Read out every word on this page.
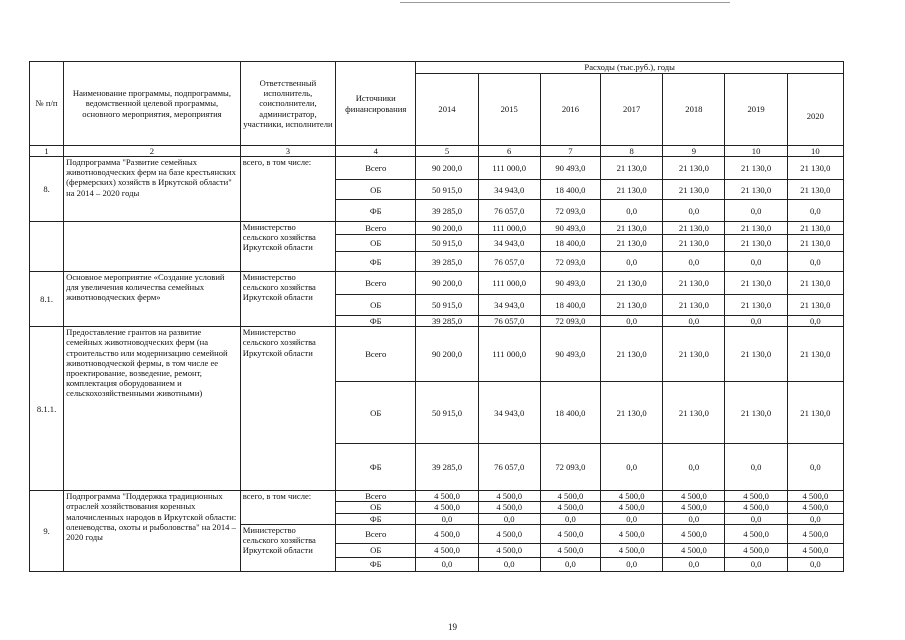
№ п/п	Наименование программы, подпрограммы, ведомственной целевой программы, основного мероприятия, мероприятия	Ответственный исполнитель, соисполнители, администратор, участники, исполнители	Источники финансирования	Расходы (тыс.руб.), годы						
				2014	2015	2016	2017	2018	2019	2020
1	2	3	4	5	6	7	8	9	10	10
8.	Подпрограмма "Развитие семейных животноводческих ферм на базе крестьянских (фермерских) хозяйств в Иркутской области" на 2014 – 2020 годы	всего, в том числе:	Всего	90 200,0	111 000,0	90 493,0	21 130,0	21 130,0	21 130,0	21 130,0
			ОБ	50 915,0	34 943,0	18 400,0	21 130,0	21 130,0	21 130,0	21 130,0
			ФБ	39 285,0	76 057,0	72 093,0	0,0	0,0	0,0	0,0
		Министерство сельского хозяйства Иркутской области	Всего	90 200,0	111 000,0	90 493,0	21 130,0	21 130,0	21 130,0	21 130,0
			ОБ	50 915,0	34 943,0	18 400,0	21 130,0	21 130,0	21 130,0	21 130,0
			ФБ	39 285,0	76 057,0	72 093,0	0,0	0,0	0,0	0,0
8.1.	Основное мероприятие «Создание условий для увеличения количества семейных животноводческих ферм»	Министерство сельского хозяйства Иркутской области	Всего	90 200,0	111 000,0	90 493,0	21 130,0	21 130,0	21 130,0	21 130,0
			ОБ	50 915,0	34 943,0	18 400,0	21 130,0	21 130,0	21 130,0	21 130,0
			ФБ	39 285,0	76 057,0	72 093,0	0,0	0,0	0,0	0,0
8.1.1.	Предоставление грантов на развитие семейных животноводческих ферм (на строительство или модернизацию семейной животноводческой фермы, в том числе ее проектирование, возведение, ремонт, комплектация оборудованием и сельскохозяйственными животными)	Министерство сельского хозяйства Иркутской области	Всего	90 200,0	111 000,0	90 493,0	21 130,0	21 130,0	21 130,0	21 130,0
			ОБ	50 915,0	34 943,0	18 400,0	21 130,0	21 130,0	21 130,0	21 130,0
			ФБ	39 285,0	76 057,0	72 093,0	0,0	0,0	0,0	0,0
9.	Подпрограмма "Поддержка традиционных отраслей хозяйствования коренных малочисленных народов в Иркутской области: оленеводства, охоты и рыболовства" на 2014 – 2020 годы	всего, в том числе:	Всего	4 500,0	4 500,0	4 500,0	4 500,0	4 500,0	4 500,0	4 500,0
			ОБ	4 500,0	4 500,0	4 500,0	4 500,0	4 500,0	4 500,0	4 500,0
			ФБ	0,0	0,0	0,0	0,0	0,0	0,0	0,0
		Министерство сельского хозяйства Иркутской области	Всего	4 500,0	4 500,0	4 500,0	4 500,0	4 500,0	4 500,0	4 500,0
			ОБ	4 500,0	4 500,0	4 500,0	4 500,0	4 500,0	4 500,0	4 500,0
			ФБ	0,0	0,0	0,0	0,0	0,0	0,0	0,0
19
